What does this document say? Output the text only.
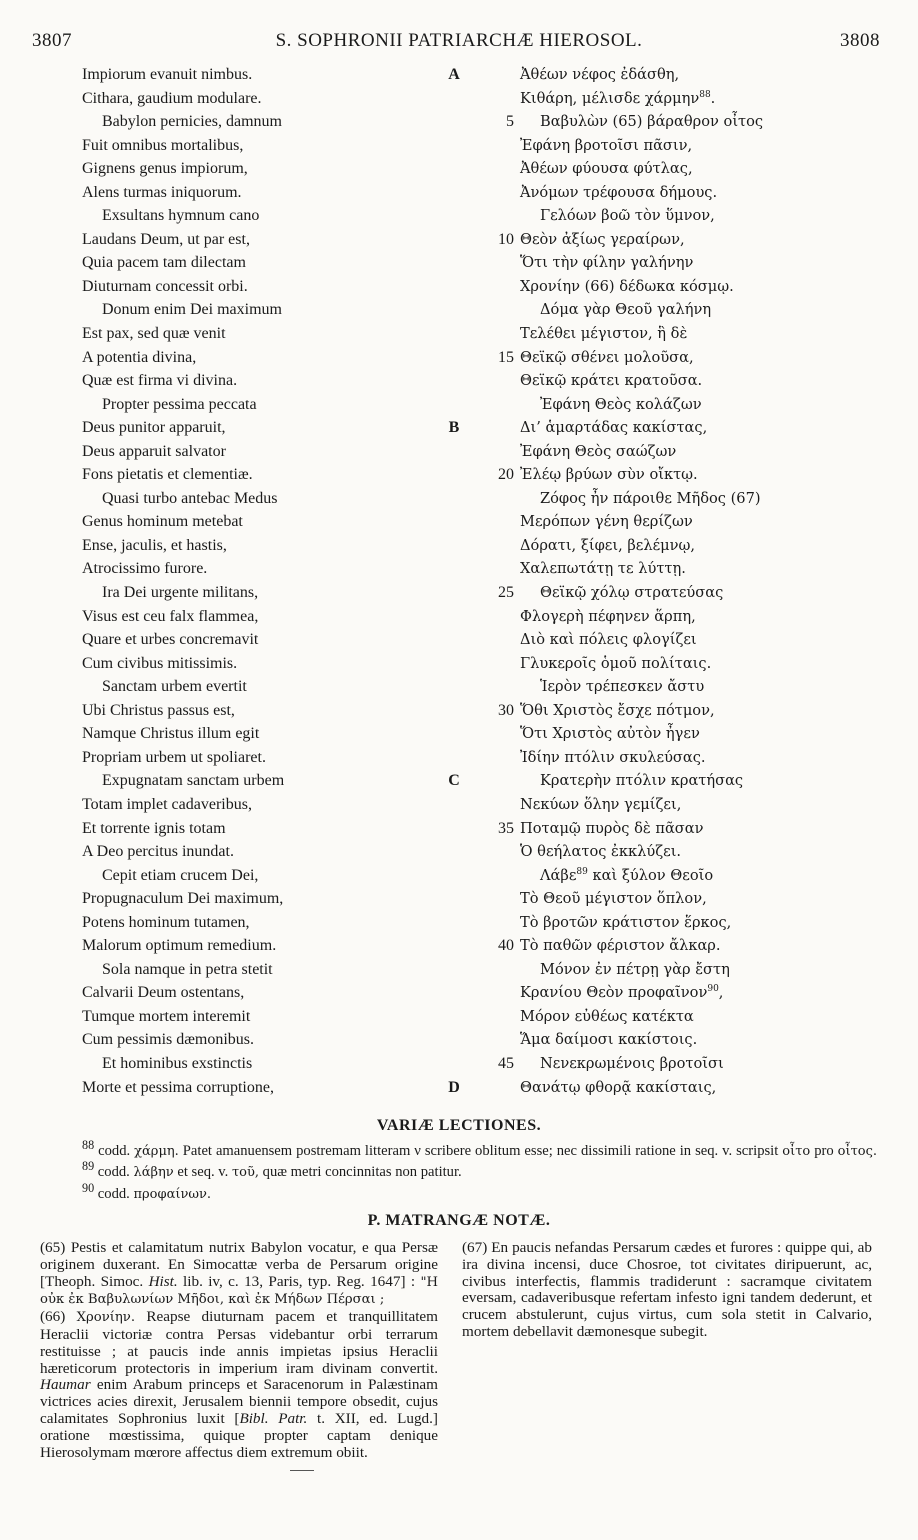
3807	S. SOPHRONII PATRIARCHÆ HIEROSOL.	3808
Impiorum evanuit nimbus.	A	Ἀθέων νέφος ἐδάσθη,
Cithara, gaudium modulare.	Κιθάρη, μέλισδε χάρμην$^{88}$.
Babylon pernicies, damnum	5 Βαβυλὼν (65) βάραθρον οἶτος
Fuit omnibus mortalibus,	Ἐφάνη βροτοῖσι πᾶσιν,
Gignens genus impiorum,	Ἀθέων φύουσα φύτλας,
Alens turmas iniquorum.	Ἀνόμων τρέφουσα δήμους.
Exsultans hymnum cano	Γελόων βοῶ τὸν ὕμνον,
Laudans Deum, ut par est,	10 Θεὸν ἀξίως γεραίρων,
Quia pacem tam dilectam	Ὅτι τὴν φίλην γαλήνην
Diuturnam concessit orbi.	Χρονίην (66) δέδωκα κόσμῳ.
Donum enim Dei maximum	Δόμα γὰρ Θεοῦ γαλήνη
Est pax, sed quæ venit	Τελέθει μέγιστον, ἣ δὲ
A potentia divina,	15 Θεϊκῷ σθένει μολοῦσα,
Quæ est firma vi divina.	Θεϊκῷ κράτει κρατοῦσα.
Propter pessima peccata	Ἐφάνη Θεὸς κολάζων
Deus punitor apparuit,	B	Δι’ ἁμαρτάδας κακίστας,
Deus apparuit salvator	Ἐφάνη Θεὸς σαώζων
Fons pietatis et clementiæ.	20 Ἐλέῳ βρύων σὺν οἴκτῳ.
Quasi turbo antebac Medus	Ζόφος ἦν πάροιθε Μῆδος (67)
Genus hominum metebat	Μερόπων γένη θερίζων
Ense, jaculis, et hastis,	Δόρατι, ξίφει, βελέμνῳ,
Atrocissimo furore.	Χαλεπωτάτῃ τε λύττῃ.
Ira Dei urgente militans,	25 Θεϊκῷ χόλῳ στρατεύσας
Visus est ceu falx flammea,	Φλογερὴ πέφηνεν ἅρπη,
Quare et urbes concremavit	Διὸ καὶ πόλεις φλογίζει
Cum civibus mitissimis.	Γλυκεροῖς ὁμοῦ πολίταις.
Sanctam urbem evertit	Ἱερὸν τρέπεσκεν ἄστυ
Ubi Christus passus est,	30 Ὅθι Χριστὸς ἔσχε πότμον,
Namque Christus illum egit	Ὅτι Χριστὸς αὐτὸν ἦγεν
Propriam urbem ut spoliaret.	Ἰδίην πτόλιν σκυλεύσας.
Expugnatam sanctam urbem	C	Κρατερὴν πτόλιν κρατήσας
Totam implet cadaveribus,	Νεκύων ὅλην γεμίζει,
Et torrente ignis totam	35 Ποταμῷ πυρὸς δὲ πᾶσαν
A Deo percitus inundat.	Ὁ θεήλατος ἐκκλύζει.
Cepit etiam crucem Dei,	Λάβε$^{89}$ καὶ ξύλον Θεοῖο
Propugnaculum Dei maximum,	Τὸ Θεοῦ μέγιστον ὅπλον,
Potens hominum tutamen,	Τὸ βροτῶν κράτιστον ἕρκος,
Malorum optimum remedium.	40 Τὸ παθῶν φέριστον ἄλκαρ.
Sola namque in petra stetit	Μόνον ἐν πέτρῃ γὰρ ἔστη
Calvarii Deum ostentans,	Κρανίου Θεὸν προφαῖνον$^{90}$,
Tumque mortem interemit	Μόρον εὐθέως κατέκτα
Cum pessimis dæmonibus.	Ἅμα δαίμοσι κακίστοις.
Et hominibus exstinctis	45 Νενεκρωμένοις βροτοῖσι
Morte et pessima corruptione,	D	Θανάτῳ φθορᾷ κακίσταις,
VARIÆ LECTIONES.

$^{88}$ codd. χάρμη. Patet amanuensem postremam litteram ν scribere oblitum esse; nec dissimili ratione in seq. v. scripsit οἶτο pro οἶτος. $^{89}$ codd. λάβην et seq. v. τοῦ, quæ metri concinnitas non patitur.
$^{90}$ codd. προφαίνων.

P. MATRANGÆ NOTÆ.

(65) Pestis et calamitatum nutrix Babylon vocatur, e qua Persæ originem duxerant. En Simocattæ verba de Persarum origine [Theoph. Simoc. Hist. lib. iv, c. 13, Paris, typ. Reg. 1647] : "Η οὐκ ἐκ Βαβυλωνίων Μῆδοι, καὶ ἐκ Μήδων Πέρσαι ;

(66) Χρονίην. Reapse diuturnam pacem et tranquillitatem Heraclii victoriæ contra Persas videbantur orbi terrarum restituisse ; at paucis inde annis impietas ipsius Heraclii hæreticorum protectoris in imperium iram divinam convertit. Haumar enim Arabum princeps et Saracenorum in Palæstinam victrices acies direxit, Jerusalem biennii tempore obsedit, cujus calamitates Sophronius luxit [Bibl. Patr. t. XII, ed. Lugd.] oratione mœstissima, quique propter captam denique Hierosolymam mœrore affectus diem extremum obiit.

(67) En paucis nefandas Persarum cædes et furores : quippe qui, ab ira divina incensi, duce Chosroe, tot civitates diripuerunt, ac, civibus interfectis, flammis tradiderunt : sacramque civitatem eversam, cadaveribusque refertam infesto igni tandem dederunt, et crucem abstulerunt, cujus virtus, cum sola stetit in Calvario, mortem debellavit dæmonesque subegit.
